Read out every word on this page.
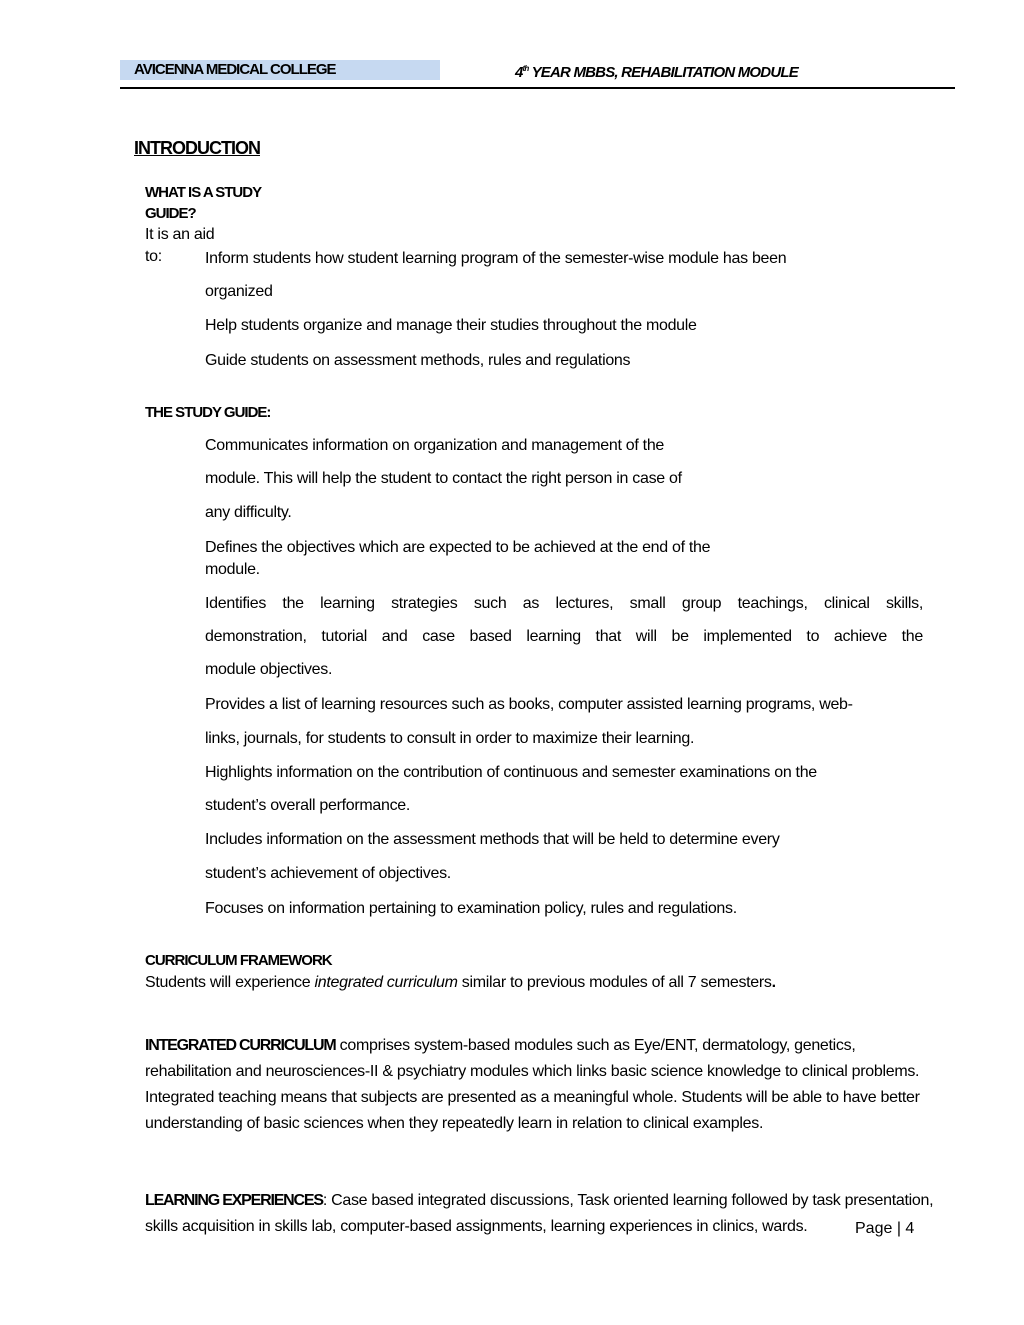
AVICENNA MEDICAL COLLEGE	4th YEAR MBBS, REHABILITATION MODULE
INTRODUCTION
WHAT IS A STUDY
GUIDE?
It is an aid
to:	Inform students how student learning program of the semester-wise module has been
organized
Help students organize and manage their studies throughout the module
Guide students on assessment methods, rules and regulations
THE STUDY GUIDE:
Communicates information on organization and management of the
module. This will help the student to contact the right person in case of
any difficulty.
Defines the objectives which are expected to be achieved at the end of the
module.
Identifies the learning strategies such as lectures, small group teachings, clinical skills,
demonstration, tutorial and case based learning that will be implemented to achieve the
module objectives.
Provides a list of learning resources such as books, computer assisted learning programs, web-
links, journals, for students to consult in order to maximize their learning.
Highlights information on the contribution of continuous and semester examinations on the
student’s overall performance.
Includes information on the assessment methods that will be held to determine every
student’s achievement of objectives.
Focuses on information pertaining to examination policy, rules and regulations.
CURRICULUM FRAMEWORK
Students will experience integrated curriculum similar to previous modules of all 7 semesters.
INTEGRATED CURRICULUM comprises system-based modules such as Eye/ENT, dermatology, genetics, rehabilitation and neurosciences-II & psychiatry modules which links basic science knowledge to clinical problems. Integrated teaching means that subjects are presented as a meaningful whole. Students will be able to have better understanding of basic sciences when they repeatedly learn in relation to clinical examples.
LEARNING EXPERIENCES: Case based integrated discussions, Task oriented learning followed by task presentation, skills acquisition in skills lab, computer-based assignments, learning experiences in clinics, wards.	Page | 4
